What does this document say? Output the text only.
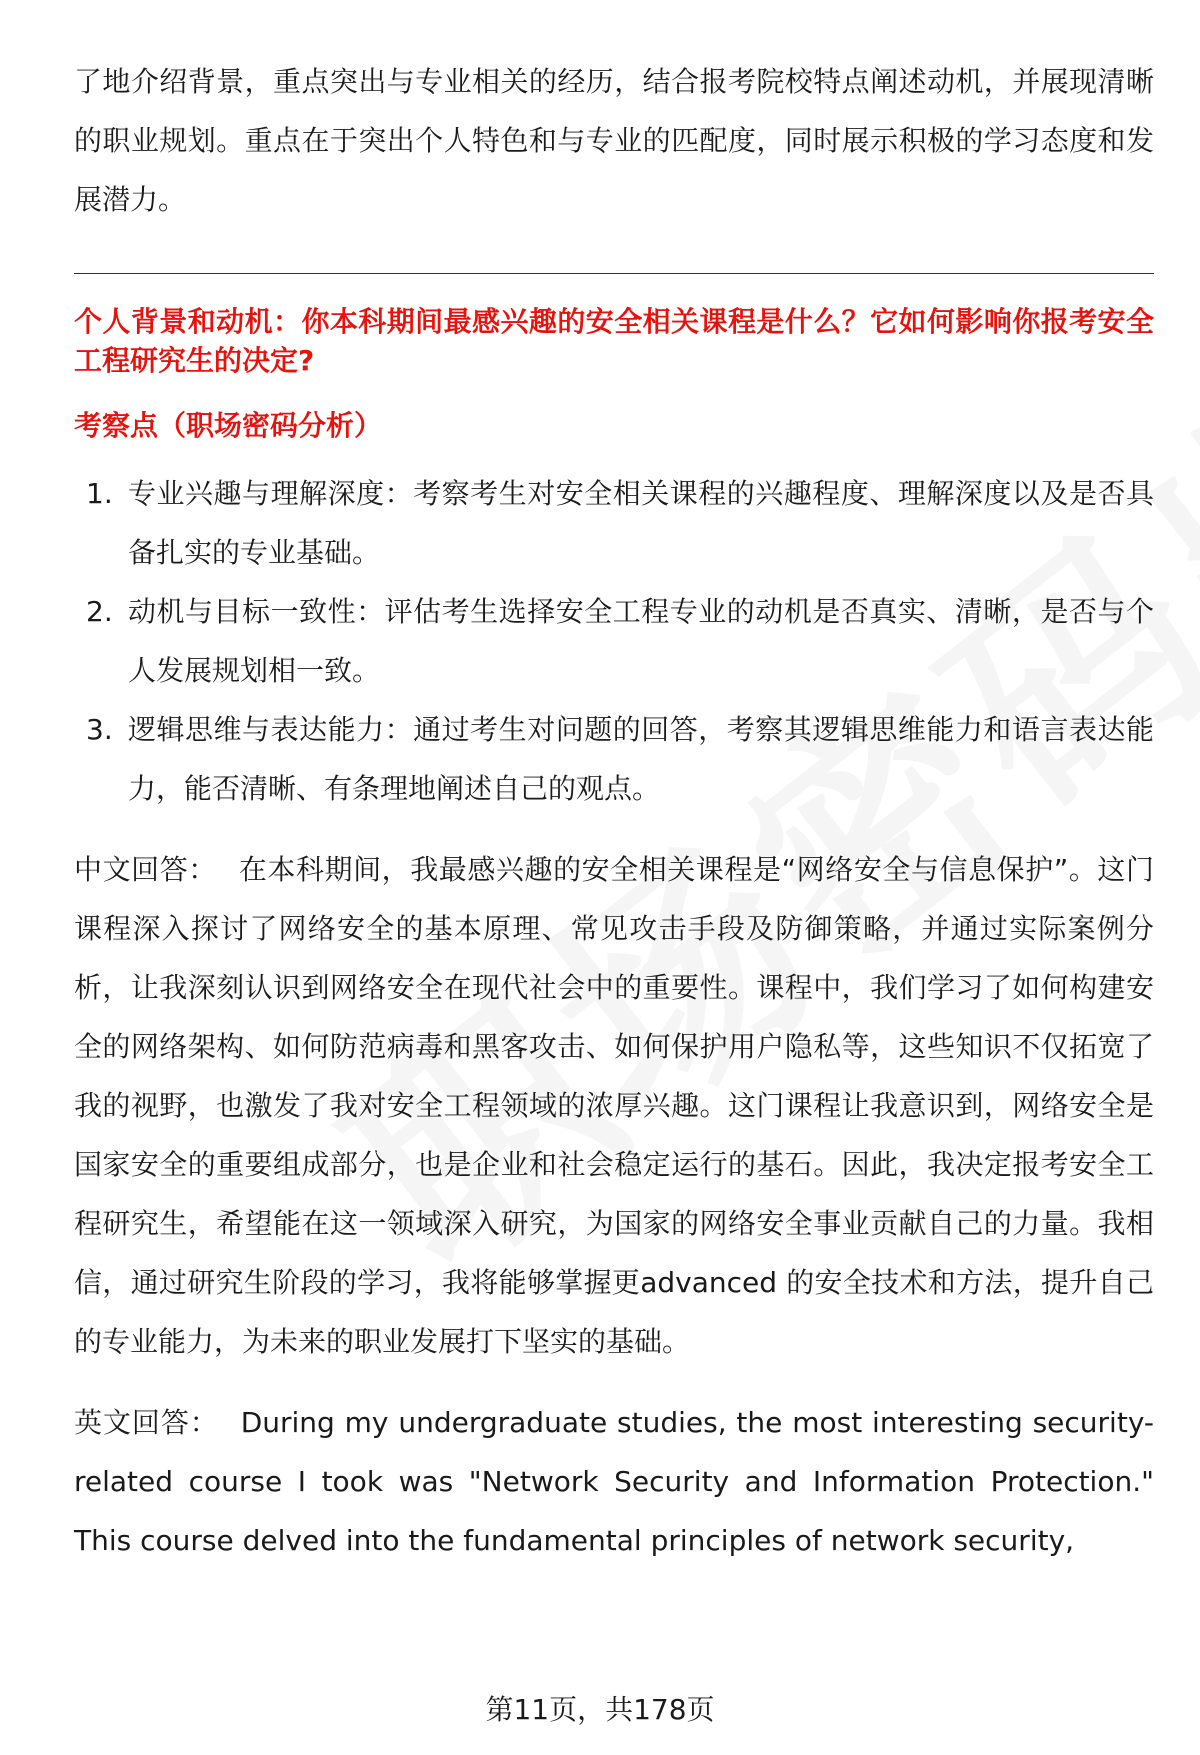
了地介绍背景，重点突出与专业相关的经历，结合报考院校特点阐述动机，并展现清晰的职业规划。重点在于突出个人特色和与专业的匹配度，同时展示积极的学习态度和发展潜力。

个人背景和动机：你本科期间最感兴趣的安全相关课程是什么？它如何影响你报考安全工程研究生的决定?

考察点（职场密码分析）
1. 专业兴趣与理解深度：考察考生对安全相关课程的兴趣程度、理解深度以及是否具备扎实的专业基础。
2. 动机与目标一致性：评估考生选择安全工程专业的动机是否真实、清晰，是否与个人发展规划相一致。
3. 逻辑思维与表达能力：通过考生对问题的回答，考察其逻辑思维能力和语言表达能力，能否清晰、有条理地阐述自己的观点。

中文回答： 在本科期间，我最感兴趣的安全相关课程是“网络安全与信息保护”。这门课程深入探讨了网络安全的基本原理、常见攻击手段及防御策略，并通过实际案例分析，让我深刻认识到网络安全在现代社会中的重要性。课程中，我们学习了如何构建安全的网络架构、如何防范病毒和黑客攻击、如何保护用户隐私等，这些知识不仅拓宽了我的视野，也激发了我对安全工程领域的浓厚兴趣。这门课程让我意识到，网络安全是国家安全的重要组成部分，也是企业和社会稳定运行的基石。因此，我决定报考安全工程研究生，希望能在这一领域深入研究，为国家的网络安全事业贡献自己的力量。我相信，通过研究生阶段的学习，我将能够掌握更advanced 的安全技术和方法，提升自己的专业能力，为未来的职业发展打下坚实的基础。

英文回答： During my undergraduate studies, the most interesting security-related course I took was "Network Security and Information Protection." This course delved into the fundamental principles of network security,

第11页，共178页
